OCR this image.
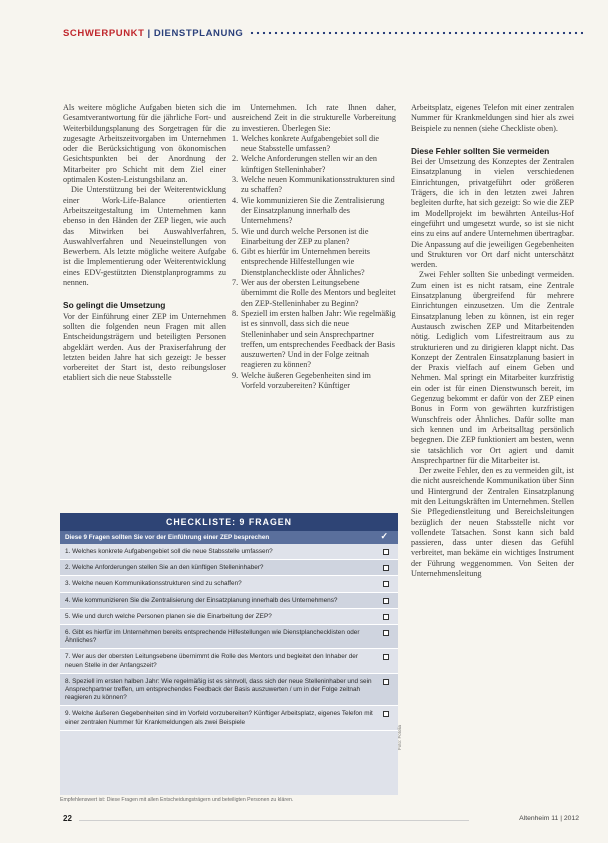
SCHWERPUNKT | DIENSTPLANUNG

Als weitere mögliche Aufgaben bieten sich die Gesamtverantwortung für die jährliche Fort- und Weiterbildungsplanung des Sorgetragen für die zugesagte Arbeitszeitvorgaben im Unternehmen oder die Berücksichtigung von ökonomischen Gesichtspunkten bei der Anordnung der Mitarbeiter pro Schicht mit dem Ziel einer optimalen Kosten-Leistungsbilanz an.

Die Unterstützung bei der Weiterentwicklung einer Work-Life-Balance orientierten Arbeitszeitgestaltung im Unternehmen kann ebenso in den Händen der ZEP liegen, wie auch das Mitwirken bei Auswahlverfahren, Auswahlverfahren und Neueinstellungen von Bewerbern. Als letzte mögliche weitere Aufgabe ist die Implementierung oder Weiterentwicklung eines EDV-gestützten Dienstplanprogramms zu nennen.

So gelingt die Umsetzung

Vor der Einführung einer ZEP im Unternehmen sollten die folgenden neun Fragen mit allen Entscheidungsträgern und beteiligten Personen abgeklärt werden. Aus der Praxiserfahrung der letzten beiden Jahre hat sich gezeigt: Je besser vorbereitet der Start ist, desto reibungsloser etabliert sich die neue Stabsstelle

im Unternehmen. Ich rate Ihnen daher, ausreichend Zeit in die strukturelle Vorbereitung zu investieren. Überlegen Sie:

1. Welches konkrete Aufgabengebiet soll die neue Stabsstelle umfassen?
2. Welche Anforderungen stellen wir an den künftigen Stelleninhaber?
3. Welche neuen Kommunikationsstrukturen sind zu schaffen?
4. Wie kommunizieren Sie die Zentralisierung der Einsatzplanung innerhalb des Unternehmens?
5. Wie und durch welche Personen ist die Einarbeitung der ZEP zu planen?
6. Gibt es hierfür im Unternehmen bereits entsprechende Hilfestellungen wie Dienstplancheckliste oder Ähnliches?
7. Wer aus der obersten Leitungsebene übernimmt die Rolle des Mentors und begleitet den ZEP-Stelleninhaber zu Beginn?
8. Speziell im ersten halben Jahr: Wie regelmäßig ist es sinnvoll, dass sich die neue Stelleninhaber und sein Ansprechpartner treffen, um entsprechendes Feedback der Basis auszuwerten? Und in der Folge zeitnah reagieren zu können?
9. Welche äußeren Gegebenheiten sind im Vorfeld vorzubereiten? Künftiger

Arbeitsplatz, eigenes Telefon mit einer zentralen Nummer für Krankmeldungen sind hier als zwei Beispiele zu nennen (siehe Checkliste oben).

Diese Fehler sollten Sie vermeiden

Bei der Umsetzung des Konzeptes der Zentralen Einsatzplanung in vielen verschiedenen Einrichtungen, privatgeführt oder größeren Trägers, die ich in den letzten zwei Jahren begleiten durfte, hat sich gezeigt: So wie die ZEP im Modellprojekt im bewährten Anteilus-Hof eingeführt und umgesetzt wurde, so ist sie nicht eins zu eins auf andere Unternehmen übertragbar. Die Anpassung auf die jeweiligen Gegebenheiten und Strukturen vor Ort darf nicht unterschätzt werden.

Zwei Fehler sollten Sie unbedingt vermeiden. Zum einen ist es nicht ratsam, eine Zentrale Einsatzplanung übergreifend für mehrere Einrichtungen einzusetzen. Um die Zentrale Einsatzplanung leben zu können, ist ein reger Austausch zwischen ZEP und Mitarbeitenden nötig. Lediglich vom Lifestreitraum aus zu strukturieren und zu dirigieren klappt nicht. Das Konzept der Zentralen Einsatzplanung basiert in der Praxis vielfach auf einem Geben und Nehmen. Mal springt ein Mitarbeiter kurzfristig ein oder ist für einen Dienstwunsch bereit, im Gegenzug bekommt er dafür von der ZEP einen Bonus in Form von gewährten kurzfristigen Wunschfreis oder Ähnliches. Dafür sollte man sich kennen und im Arbeitsalltag persönlich begegnen. Die ZEP funktioniert am besten, wenn sie tatsächlich vor Ort agiert und damit Ansprechpartner für die Mitarbeiter ist.

Der zweite Fehler, den es zu vermeiden gilt, ist die nicht ausreichende Kommunikation über Sinn und Hintergrund der Zentralen Einsatzplanung mit den Leitungskräften im Unternehmen. Stellen Sie Pflegedienstleitung und Bereichsleitungen bezüglich der neuen Stabsstelle nicht vor vollendete Tatsachen. Sonst kann sich bald passieren, dass unter diesen das Gefühl verbreitet, man bekäme ein wichtiges Instrument der Führung weggenommen. Von Seiten der Unternehmensleitung

CHECKLISTE: 9 FRAGEN
Diese 9 Fragen sollten Sie vor der Einführung einer ZEP besprechen	✓
1. Welches konkrete Aufgabengebiet soll die neue Stabsstelle umfassen?
2. Welche Anforderungen stellen Sie an den künftigen Stelleninhaber?
3. Welche neuen Kommunikationsstrukturen sind zu schaffen?
4. Wie kommunizieren Sie die Zentralisierung der Einsatzplanung innerhalb des Unternehmens?
5. Wie und durch welche Personen planen sie die Einarbeitung der ZEP?
6. Gibt es hierfür im Unternehmen bereits entsprechende Hilfestellungen wie Dienstplanchecklisten oder Ähnliches?
7. Wer aus der obersten Leitungsebene übernimmt die Rolle des Mentors und begleitet den Inhaber der neuen Stelle in der Anfangszeit?
8. Speziell im ersten halben Jahr: Wie regelmäßig ist es sinnvoll, dass sich der neue Stelleninhaber und sein Ansprechpartner treffen, um entsprechendes Feedback der Basis auszuwerten / um in der Folge zeitnah reagieren zu können?
9. Welche äußeren Gegebenheiten sind im Vorfeld vorzubereiten? Künftiger Arbeitsplatz, eigenes Telefon mit einer zentralen Nummer für Krankmeldungen als zwei Beispiele
Empfehlenswert ist: Diese Fragen mit allen Entscheidungsträgern und beteiligten Personen zu klären.
Foto: Fotolia
22	Altenheim 11 | 2012
